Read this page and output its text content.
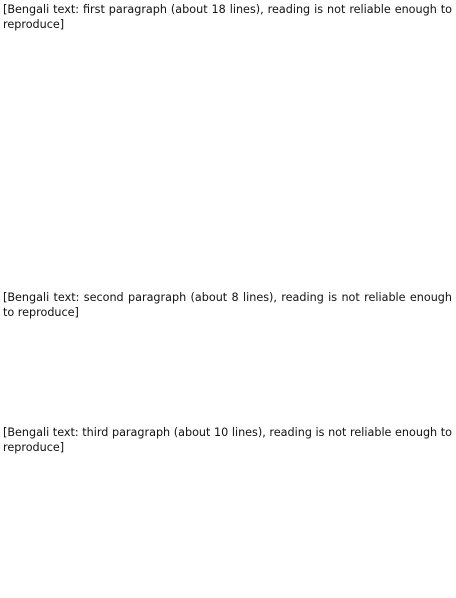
[Bengali text: first paragraph (about 18 lines), reading is not reliable enough to reproduce]

[Bengali text: second paragraph (about 8 lines), reading is not reliable enough to reproduce]

[Bengali text: third paragraph (about 10 lines), reading is not reliable enough to reproduce]
